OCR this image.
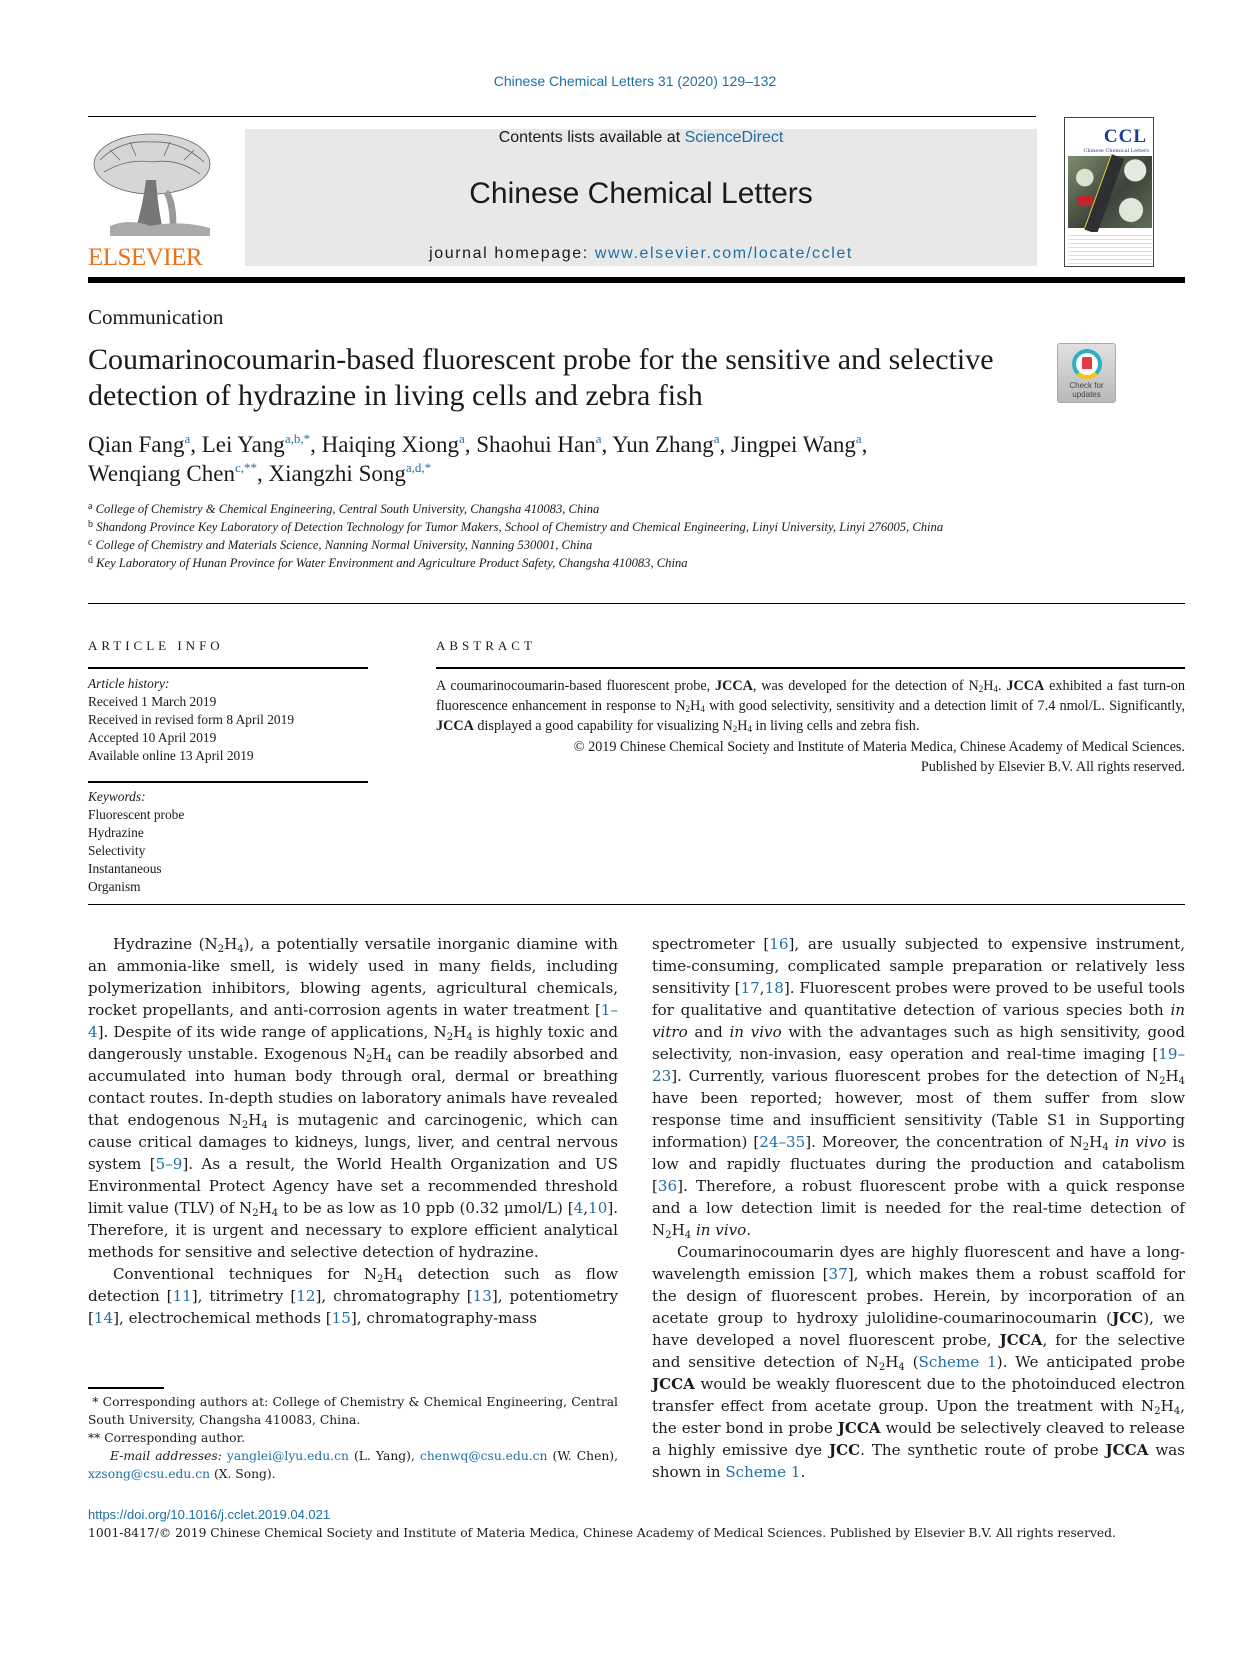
Chinese Chemical Letters 31 (2020) 129–132
ELSEVIER
Contents lists available at ScienceDirect
Chinese Chemical Letters
journal homepage: www.elsevier.com/locate/cclet
CCL
Chinese Chemical Letters
Communication
Coumarinocoumarin-based fluorescent probe for the sensitive and selective detection of hydrazine in living cells and zebra fish	Check for updates
Qian Fang$^a$, Lei Yang$^{a,b,*}$, Haiqing Xiong$^a$, Shaohui Han$^a$, Yun Zhang$^a$, Jingpei Wang$^a$,
Wenqiang Chen$^{c,**}$, Xiangzhi Song$^{a,d,*}$
$^a$ College of Chemistry & Chemical Engineering, Central South University, Changsha 410083, China
$^b$ Shandong Province Key Laboratory of Detection Technology for Tumor Makers, School of Chemistry and Chemical Engineering, Linyi University, Linyi 276005, China
$^c$ College of Chemistry and Materials Science, Nanning Normal University, Nanning 530001, China
$^d$ Key Laboratory of Hunan Province for Water Environment and Agriculture Product Safety, Changsha 410083, China
ARTICLE INFO	ABSTRACT
Article history:
Received 1 March 2019
Received in revised form 8 April 2019
Accepted 10 April 2019
Available online 13 April 2019
Keywords:
Fluorescent probe
Hydrazine
Selectivity
Instantaneous
Organism
A coumarinocoumarin-based fluorescent probe, JCCA, was developed for the detection of $N_2H_4$. JCCA exhibited a fast turn-on fluorescence enhancement in response to $N_2H_4$ with good selectivity, sensitivity and a detection limit of 7.4 nmol/L. Significantly, JCCA displayed a good capability for visualizing $N_2H_4$ in living cells and zebra fish.
© 2019 Chinese Chemical Society and Institute of Materia Medica, Chinese Academy of Medical Sciences.
Published by Elsevier B.V. All rights reserved.

Hydrazine $(N_2H_4)$, a potentially versatile inorganic diamine with an ammonia-like smell, is widely used in many fields, including polymerization inhibitors, blowing agents, agricultural chemicals, rocket propellants, and anti-corrosion agents in water treatment [1–4]. Despite of its wide range of applications, $N_2H_4$ is highly toxic and dangerously unstable. Exogenous $N_2H_4$ can be readily absorbed and accumulated into human body through oral, dermal or breathing contact routes. In-depth studies on laboratory animals have revealed that endogenous $N_2H_4$ is mutagenic and carcinogenic, which can cause critical damages to kidneys, lungs, liver, and central nervous system [5–9]. As a result, the World Health Organization and US Environmental Protect Agency have set a recommended threshold limit value (TLV) of $N_2H_4$ to be as low as 10 ppb (0.32 μmol/L) [4,10]. Therefore, it is urgent and necessary to explore efficient analytical methods for sensitive and selective detection of hydrazine.

Conventional techniques for $N_2H_4$ detection such as flow detection [11], titrimetry [12], chromatography [13], potentiometry [14], electrochemical methods [15], chromatography-mass

spectrometer [16], are usually subjected to expensive instrument, time-consuming, complicated sample preparation or relatively less sensitivity [17,18]. Fluorescent probes were proved to be useful tools for qualitative and quantitative detection of various species both in vitro and in vivo with the advantages such as high sensitivity, good selectivity, non-invasion, easy operation and real-time imaging [19–23]. Currently, various fluorescent probes for the detection of $N_2H_4$ have been reported; however, most of them suffer from slow response time and insufficient sensitivity (Table S1 in Supporting information) [24–35]. Moreover, the concentration of $N_2H_4$ in vivo is low and rapidly fluctuates during the production and catabolism [36]. Therefore, a robust fluorescent probe with a quick response and a low detection limit is needed for the real-time detection of $N_2H_4$ in vivo.

Coumarinocoumarin dyes are highly fluorescent and have a long-wavelength emission [37], which makes them a robust scaffold for the design of fluorescent probes. Herein, by incorporation of an acetate group to hydroxy julolidine-coumarinocoumarin (JCC), we have developed a novel fluorescent probe, JCCA, for the selective and sensitive detection of $N_2H_4$ (Scheme 1). We anticipated probe JCCA would be weakly fluorescent due to the photoinduced electron transfer effect from acetate group. Upon the treatment with $N_2H_4$, the ester bond in probe JCCA would be selectively cleaved to release a highly emissive dye JCC. The synthetic route of probe JCCA was shown in Scheme 1.

* Corresponding authors at: College of Chemistry & Chemical Engineering, Central South University, Changsha 410083, China.
** Corresponding author.
E-mail addresses: yanglei@lyu.edu.cn (L. Yang), chenwq@csu.edu.cn (W. Chen), xzsong@csu.edu.cn (X. Song).
https://doi.org/10.1016/j.cclet.2019.04.021
1001-8417/© 2019 Chinese Chemical Society and Institute of Materia Medica, Chinese Academy of Medical Sciences. Published by Elsevier B.V. All rights reserved.
